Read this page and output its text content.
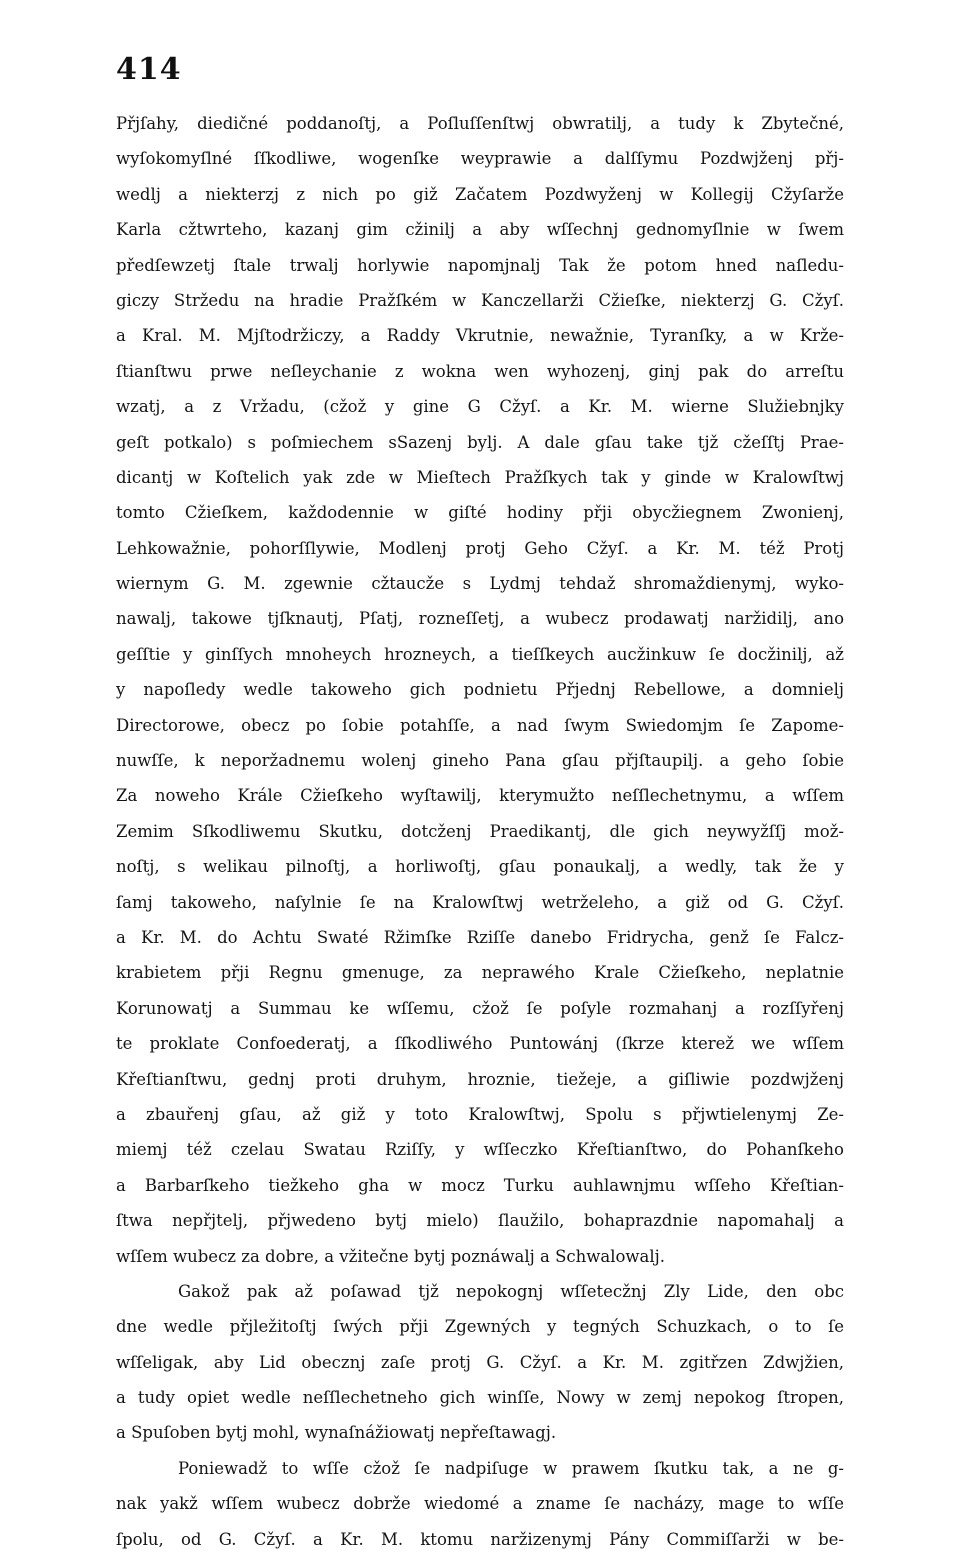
414
Přjſahy, diedičné poddanoſtj, a Poſluſſenſtwj obwratilj, a tudy k Zbytečné,
wyſokomyſlné ſſkodliwe, wogenſke weyprawie a dalſſymu Pozdwjženj přj-
wedlj a niekterzj z nich po giž Začatem Pozdwyženj w Kollegij Cžyſarže
Karla cžtwrteho, kazanj gim cžinilj a aby wſſechnj gednomyſlnie w ſwem
předſewzetj ſtale trwalj horlywie napomjnalj Tak že potom hned naſledu-
giczy Stržedu na hradie Pražſkém w Kanczellarži Cžieſke, niekterzj G. Cžyſ.
a Kral. M. Mjſtodržiczy, a Raddy Vkrutnie, newažnie, Tyranſky, a w Krže-
ſtianſtwu prwe neſleychanie z wokna wen wyhozenj, ginj pak do arreſtu
wzatj, a z Vržadu, (cžož y gine G Cžyſ. a Kr. M. wierne Služiebnjky
geſt potkalo) s poſmiechem sSazenj bylj. A dale gſau take tjž cžeſſtj Prae-
dicantj w Koſtelich yak zde w Mieſtech Pražſkych tak y ginde w Kralowſtwj
tomto Cžieſkem, každodennie w giſté hodiny přji obycžiegnem Zwonienj,
Lehkowažnie, pohorſſlywie, Modlenj protj Geho Cžyſ. a Kr. M. též Protj
wiernym G. M. zgewnie cžtaucže s Lydmj tehdaž shromaždienymj, wyko-
nawalj, takowe tjſknautj, Pſatj, rozneſſetj, a wubecz prodawatj naržidilj, ano
geſſtie y ginſſych mnoheych hrozneych, a tieſſkeych aucžinkuw ſe docžinilj, až
y napoſledy wedle takoweho gich podnietu Přjednj Rebellowe, a domnielj
Directorowe, obecz po ſobie potahſſe, a nad ſwym Swiedomjm ſe Zapome-
nuwſſe, k neporžadnemu wolenj gineho Pana gſau přjſtaupilj. a geho ſobie
Za noweho Krále Cžieſkeho wyſtawilj, kterymužto neſſlechetnymu, a wſſem
Zemim Sſkodliwemu Skutku, dotcženj Praedikantj, dle gich neywyžſſj mož-
noſtj, s welikau pilnoſtj, a horliwoſtj, gſau ponaukalj, a wedly, tak že y
ſamj takoweho, naſylnie ſe na Kralowſtwj wetrželeho, a giž od G. Cžyſ.
a Kr. M. do Achtu Swaté Ržimſke Rziſſe danebo Fridrycha, genž ſe Falcz-
krabietem přji Regnu gmenuge, za neprawého Krale Cžieſkeho, neplatnie
Korunowatj a Summau ke wſſemu, cžož ſe poſyle rozmahanj a rozſſyřenj
te proklate Confoederatj, a ſſkodliwého Puntowánj (ſkrze kterež we wſſem
Křeſtianſtwu, gednj proti druhym, hroznie, tiežeje, a giſliwie pozdwjženj
a zbauřenj gſau, až giž y toto Kralowſtwj, Spolu s přjwtielenymj Ze-
miemj též czelau Swatau Rziſſy, y wſſeczko Křeſtianſtwo, do Pohanſkeho
a Barbarſkeho tiežkeho gha w mocz Turku auhlawnjmu wſſeho Křeſtian-
ſtwa nepřjtelj, přjwedeno bytj mielo) ſlaužilo, bohaprazdnie napomahalj a
wſſem wubecz za dobre, a vžitečne bytj poznáwalj a Schwalowalj.
Gakož pak až poſawad tjž nepokognj wſſetecžnj Zly Lide, den obc
dne wedle přjležitoſtj ſwých přji Zgewných y tegných Schuzkach, o to ſe
wſſeligak, aby Lid obecznj zaſe protj G. Cžyſ. a Kr. M. zgitřzen Zdwjžien,
a tudy opiet wedle neſſlechetneho gich winſſe, Nowy w zemj nepokog ſtropen,
a Spuſoben bytj mohl, wynaſnážiowatj nepřeſtawagj.
Poniewadž to wſſe cžož ſe nadpiſuge w prawem ſkutku tak, a ne g-
nak yakž wſſem wubecz dobrže wiedomé a zname ſe nacházy, mage to wſſe
ſpolu, od G. Cžyſ. a Kr. M. ktomu naržizenymj Pány Commiſſarži w be-
